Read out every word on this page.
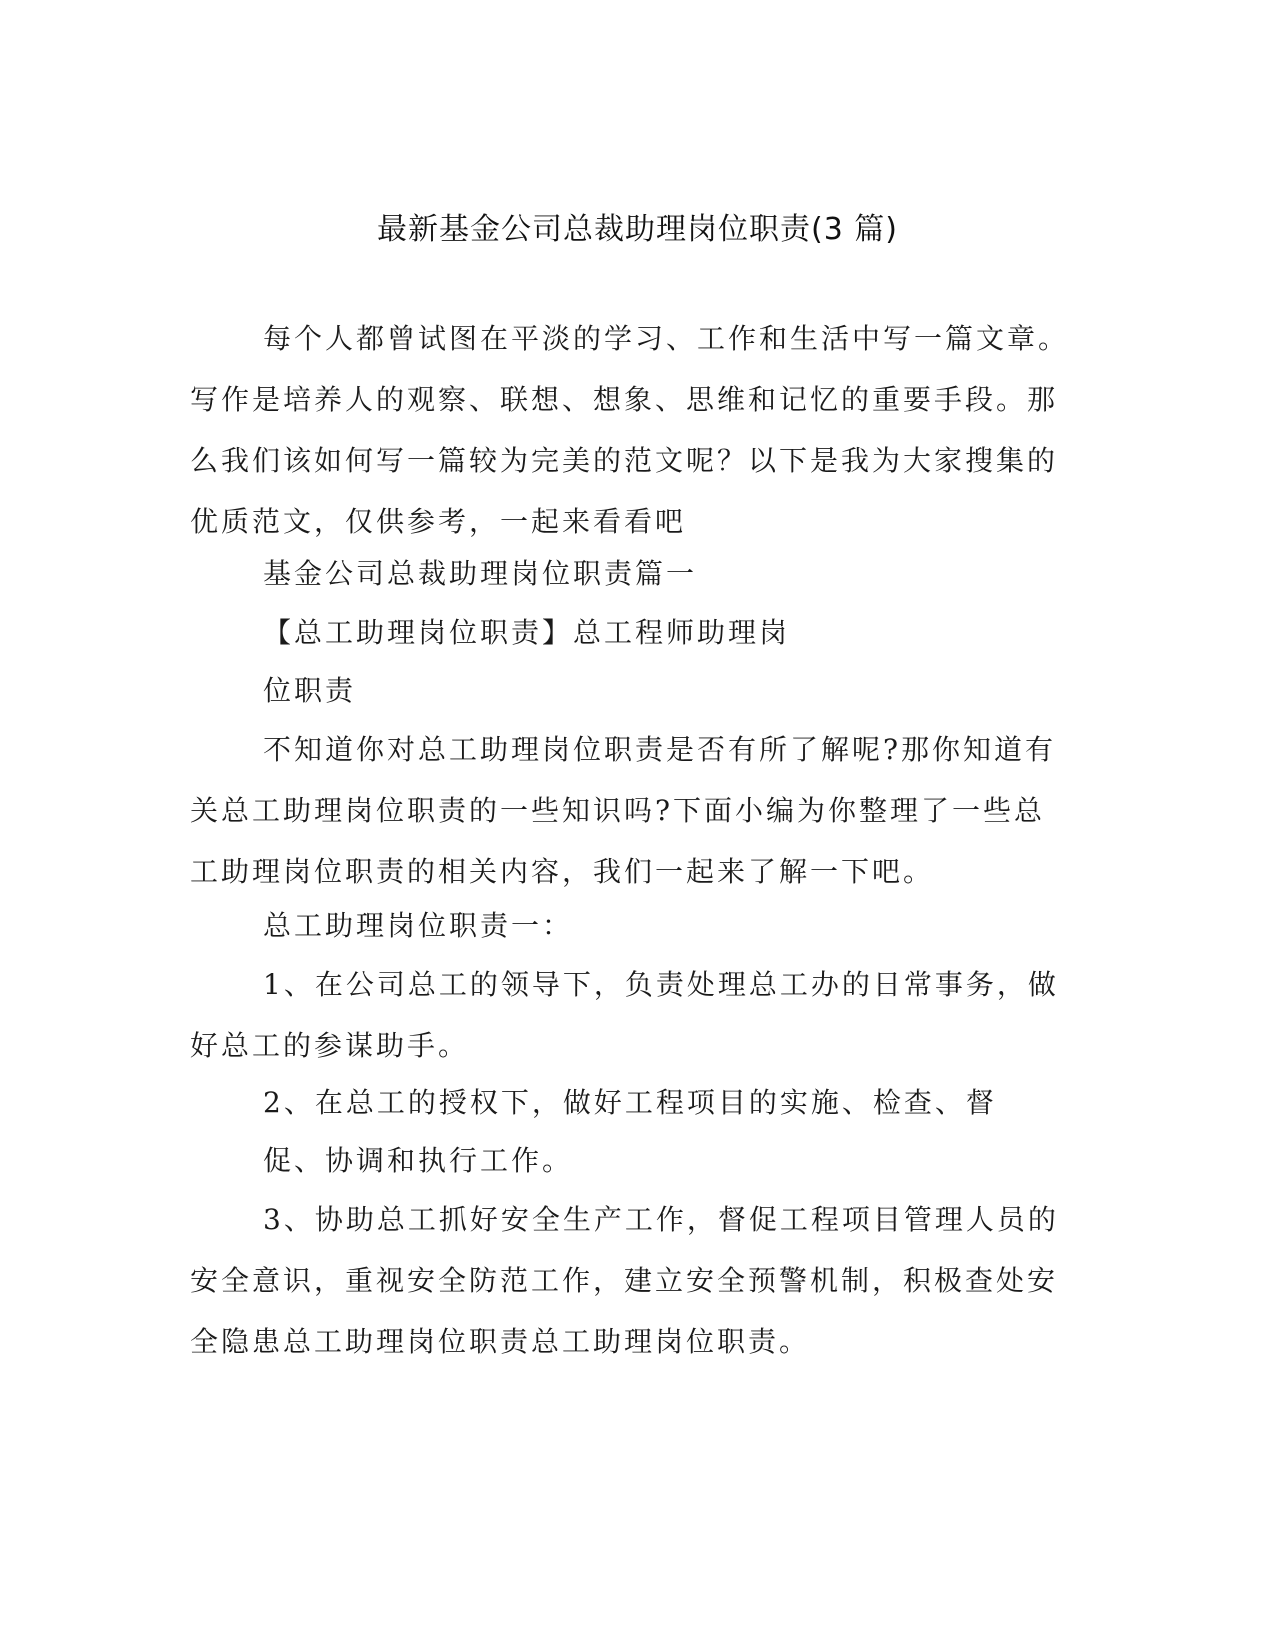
最新基金公司总裁助理岗位职责(3 篇)

每个人都曾试图在平淡的学习、工作和生活中写一篇文章。写作是培养人的观察、联想、想象、思维和记忆的重要手段。那么我们该如何写一篇较为完美的范文呢？以下是我为大家搜集的优质范文，仅供参考，一起来看看吧

基金公司总裁助理岗位职责篇一

【总工助理岗位职责】总工程师助理岗

位职责

不知道你对总工助理岗位职责是否有所了解呢?那你知道有关总工助理岗位职责的一些知识吗?下面小编为你整理了一些总工助理岗位职责的相关内容，我们一起来了解一下吧。

总工助理岗位职责一：

1、在公司总工的领导下，负责处理总工办的日常事务，做好总工的参谋助手。

2、在总工的授权下，做好工程项目的实施、检查、督

促、协调和执行工作。

3、协助总工抓好安全生产工作，督促工程项目管理人员的安全意识，重视安全防范工作，建立安全预警机制，积极查处安全隐患总工助理岗位职责总工助理岗位职责。
